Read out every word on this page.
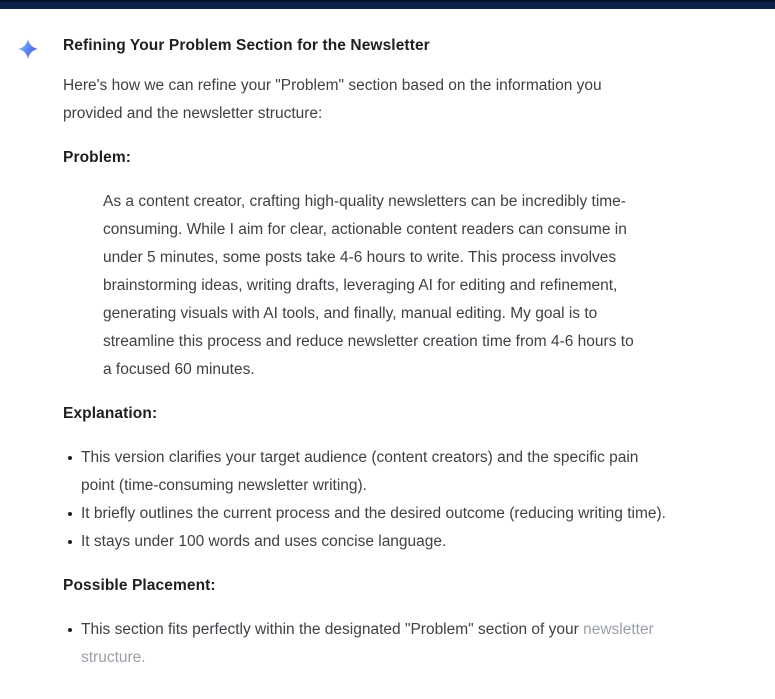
Refining Your Problem Section for the Newsletter

Here's how we can refine your "Problem" section based on the information you provided and the newsletter structure:

Problem:
As a content creator, crafting high-quality newsletters can be incredibly time-consuming. While I aim for clear, actionable content readers can consume in under 5 minutes, some posts take 4-6 hours to write. This process involves brainstorming ideas, writing drafts, leveraging AI for editing and refinement, generating visuals with AI tools, and finally, manual editing. My goal is to streamline this process and reduce newsletter creation time from 4-6 hours to a focused 60 minutes.
Explanation:
This version clarifies your target audience (content creators) and the specific pain point (time-consuming newsletter writing).
It briefly outlines the current process and the desired outcome (reducing writing time).
It stays under 100 words and uses concise language.
Possible Placement:
This section fits perfectly within the designated "Problem" section of your newsletter structure.
